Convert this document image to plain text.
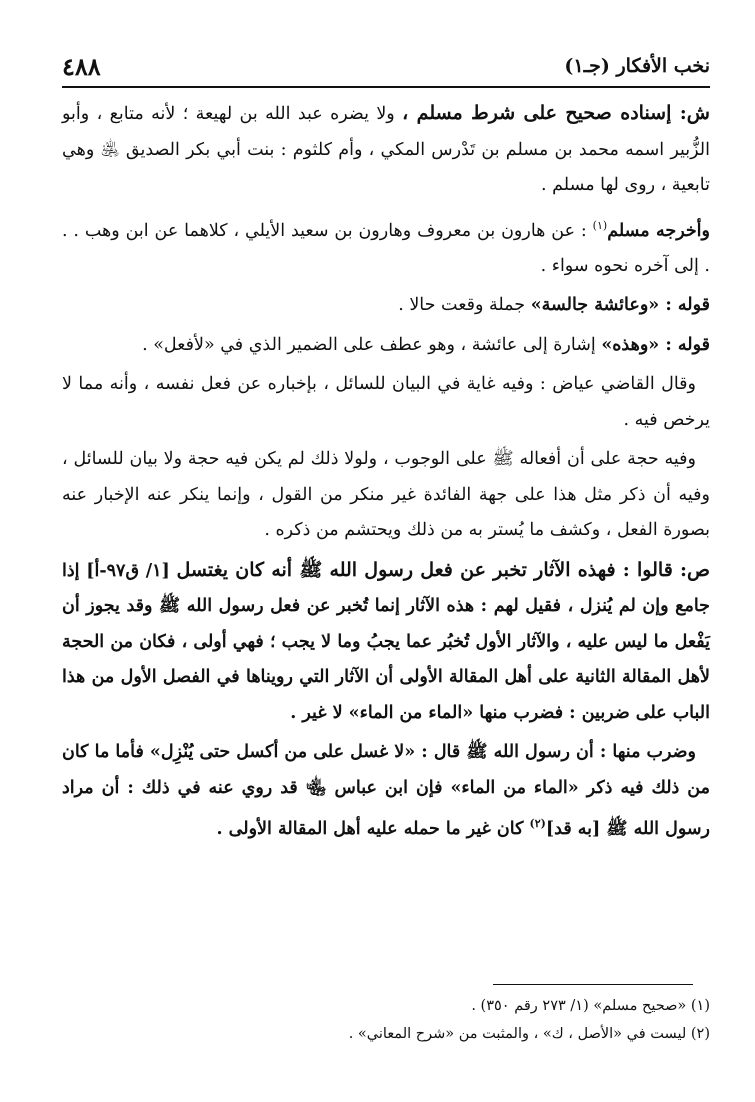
نخب الأفكار (جـ١)
٤٨٨

ش: إسناده صحيح على شرط مسلم ، ولا يضره عبد الله بن لهيعة ؛ لأنه متابع ، وأبو الزُّبير اسمه محمد بن مسلم بن تَدْرس المكي ، وأم كلثوم : بنت أبي بكر الصديق ﵁ وهي تابعية ، روى لها مسلم .

وأخرجه مسلم$^{(١)}$ : عن هارون بن معروف وهارون بن سعيد الأيلي ، كلاهما عن ابن وهب . . . إلى آخره نحوه سواء .

قوله : «وعائشة جالسة» جملة وقعت حالا .

قوله : «وهذه» إشارة إلى عائشة ، وهو عطف على الضمير الذي في «لأفعل» .

وقال القاضي عياض : وفيه غاية في البيان للسائل ، بإخباره عن فعل نفسه ، وأنه مما لا يرخص فيه .

وفيه حجة على أن أفعاله ﷺ على الوجوب ، ولولا ذلك لم يكن فيه حجة ولا بيان للسائل ، وفيه أن ذكر مثل هذا على جهة الفائدة غير منكر من القول ، وإنما ينكر عنه الإخبار عنه بصورة الفعل ، وكشف ما يُستر به من ذلك ويحتشم من ذكره .

ص: قالوا : فهذه الآثار تخبر عن فعل رسول الله ﷺ أنه كان يغتسل [١/ ق٩٧-أ] إذا جامع وإن لم يُنزل ، فقيل لهم : هذه الآثار إنما تُخبر عن فعل رسول الله ﷺ وقد يجوز أن يَفْعل ما ليس عليه ، والآثار الأول تُخبُر عما يجبُ وما لا يجب ؛ فهي أولى ، فكان من الحجة لأهل المقالة الثانية على أهل المقالة الأولى أن الآثار التي رويناها في الفصل الأول من هذا الباب على ضربين : فضرب منها «الماء من الماء» لا غير .

وضرب منها : أن رسول الله ﷺ قال : «لا غسل على من أكسل حتى يُنْزِل» فأما ما كان من ذلك فيه ذكر «الماء من الماء» فإن ابن عباس ﵄ قد روي عنه في ذلك : أن مراد رسول الله ﷺ [به قد]$^{(٢)}$ كان غير ما حمله عليه أهل المقالة الأولى .

(١) «صحيح مسلم» (١/ ٢٧٣ رقم ٣٥٠) .

(٢) ليست في «الأصل ، ك» ، والمثبت من «شرح المعاني» .
